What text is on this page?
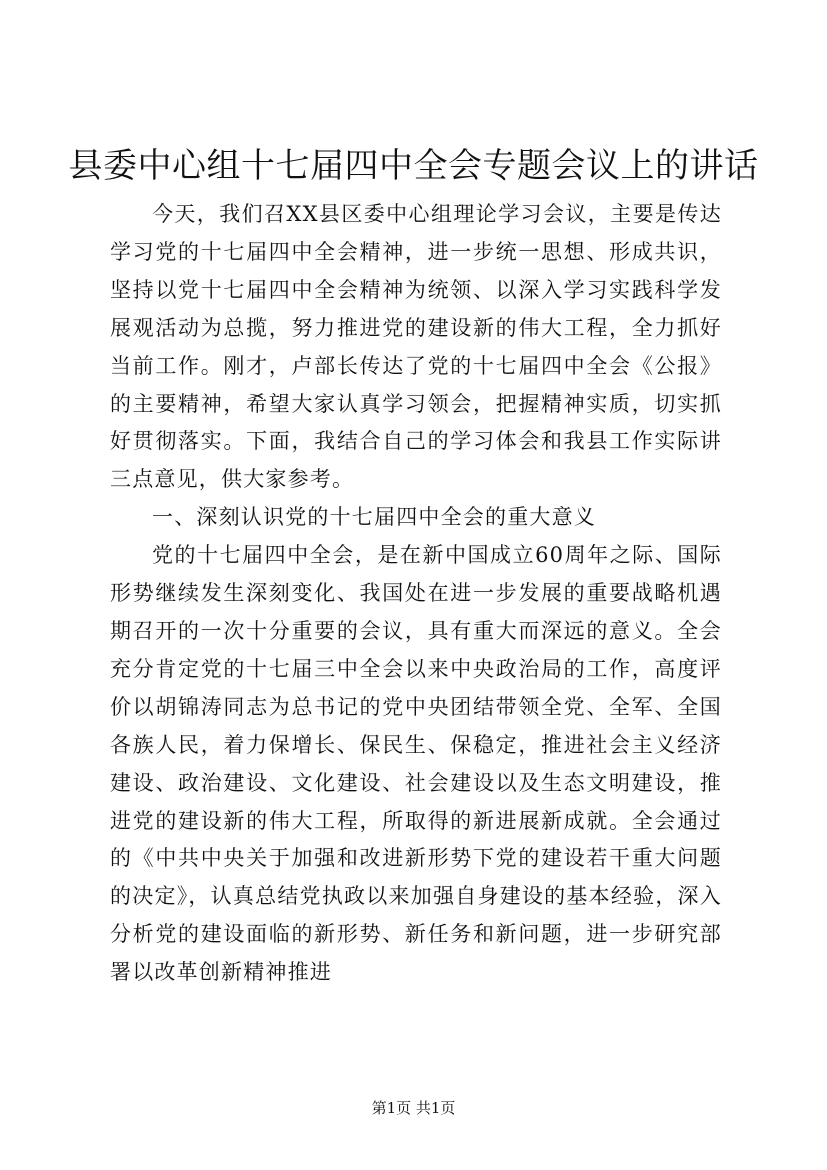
县委中心组十七届四中全会专题会议上的讲话

今天，我们召XX县区委中心组理论学习会议，主要是传达学习党的十七届四中全会精神，进一步统一思想、形成共识，坚持以党十七届四中全会精神为统领、以深入学习实践科学发展观活动为总揽，努力推进党的建设新的伟大工程，全力抓好当前工作。刚才，卢部长传达了党的十七届四中全会《公报》的主要精神，希望大家认真学习领会，把握精神实质，切实抓好贯彻落实。下面，我结合自己的学习体会和我县工作实际讲三点意见，供大家参考。

一、深刻认识党的十七届四中全会的重大意义

党的十七届四中全会，是在新中国成立60周年之际、国际形势继续发生深刻变化、我国处在进一步发展的重要战略机遇期召开的一次十分重要的会议，具有重大而深远的意义。全会充分肯定党的十七届三中全会以来中央政治局的工作，高度评价以胡锦涛同志为总书记的党中央团结带领全党、全军、全国各族人民，着力保增长、保民生、保稳定，推进社会主义经济建设、政治建设、文化建设、社会建设以及生态文明建设，推进党的建设新的伟大工程，所取得的新进展新成就。全会通过的《中共中央关于加强和改进新形势下党的建设若干重大问题的决定》，认真总结党执政以来加强自身建设的基本经验，深入分析党的建设面临的新形势、新任务和新问题，进一步研究部署以改革创新精神推进

第1页 共1页
